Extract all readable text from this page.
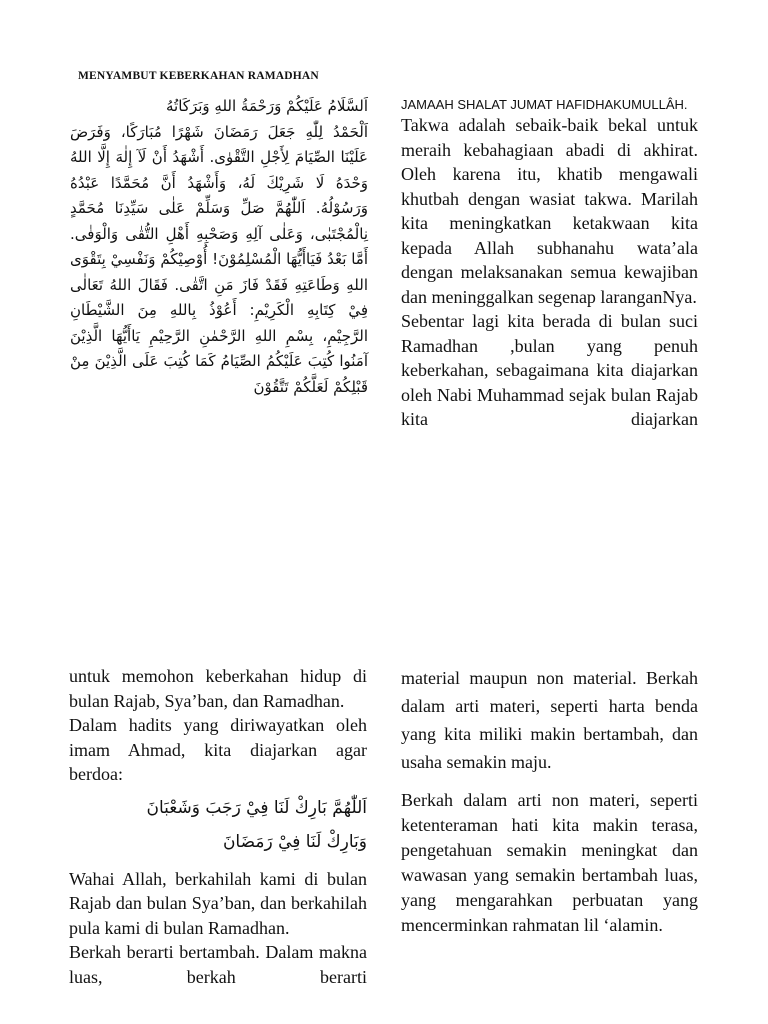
MENYAMBUT KEBERKAHAN RAMADHAN

اَلسَّلَامُ عَلَيْكُمْ وَرَحْمَةُ اللهِ وَبَرَكَاتُهُ

اَلْحَمْدُ لِلّٰهِ جَعَلَ رَمَضَانَ شَهْرًا مُبَارَكًا، وَفَرَضَ عَلَيْنَا الصِّيَامَ لِأَجْلِ التَّقْوٰى. أَشْهَدُ أَنْ لَآ إِلٰهَ إِلَّا اللهُ وَحْدَهُ لَا شَرِيْكَ لَهُ، وَأَشْهَدُ أَنَّ مُحَمَّدًا عَبْدُهُ وَرَسُوْلُهُ. اَللّٰهُمَّ صَلِّ وَسَلِّمْ عَلٰى سَيِّدِنَا مُحَمَّدٍ نِالْمُجْتَبٰى، وَعَلٰى آلِهِ وَصَحْبِهِ أَهْلِ التُّقٰى وَالْوَفٰى. أَمَّا بَعْدُ فَيَاأَيُّهَا الْمُسْلِمُوْنَ! أُوْصِيْكُمْ وَنَفْسِيْ بِتَقْوَى اللهِ وَطَاعَتِهِ فَقَدْ فَازَ مَنِ اتَّقٰى. فَقَالَ اللهُ تَعَالٰى فِيْ كِتَابِهِ الْكَرِيْمِ: أَعُوْذُ بِاللهِ مِنَ الشَّيْطَانِ الرَّجِيْمِ، بِسْمِ اللهِ الرَّحْمٰنِ الرَّحِيْمِ يَاأَيُّهَا الَّذِيْنَ آمَنُوا كُتِبَ عَلَيْكُمُ الصِّيَامُ كَمَا كُتِبَ عَلَى الَّذِيْنَ مِنْ قَبْلِكُمْ لَعَلَّكُمْ تَتَّقُوْنَ

JAMAAH SHALAT JUMAT HAFIDHAKUMULLÂH.

Takwa adalah sebaik-baik bekal untuk meraih kebahagiaan abadi di akhirat. Oleh karena itu, khatib mengawali khutbah dengan wasiat takwa. Marilah kita meningkatkan ketakwaan kita kepada Allah subhanahu wata’ala dengan melaksanakan semua kewajiban dan meninggalkan segenap laranganNya.

Sebentar lagi kita berada di bulan suci Ramadhan ,bulan yang penuh keberkahan, sebagaimana kita diajarkan oleh Nabi Muhammad sejak bulan Rajab kita diajarkan

untuk memohon keberkahan hidup di bulan Rajab, Sya’ban, dan Ramadhan.

Dalam hadits yang diriwayatkan oleh imam Ahmad, kita diajarkan agar berdoa:

اَللّٰهُمَّ بَارِكْ لَنَا فِيْ رَجَبَ وَشَعْبَانَ
وَبَارِكْ لَنَا فِيْ رَمَضَانَ

Wahai Allah, berkahilah kami di bulan Rajab dan bulan Sya’ban, dan berkahilah pula kami di bulan Ramadhan.

Berkah berarti bertambah. Dalam makna luas, berkah berarti

material maupun non material. Berkah dalam arti materi, seperti harta benda yang kita miliki makin bertambah, dan usaha semakin maju.

Berkah dalam arti non materi, seperti ketenteraman hati kita makin terasa, pengetahuan semakin meningkat dan wawasan yang semakin bertambah luas, yang mengarahkan perbuatan yang mencerminkan rahmatan lil ‘alamin.
